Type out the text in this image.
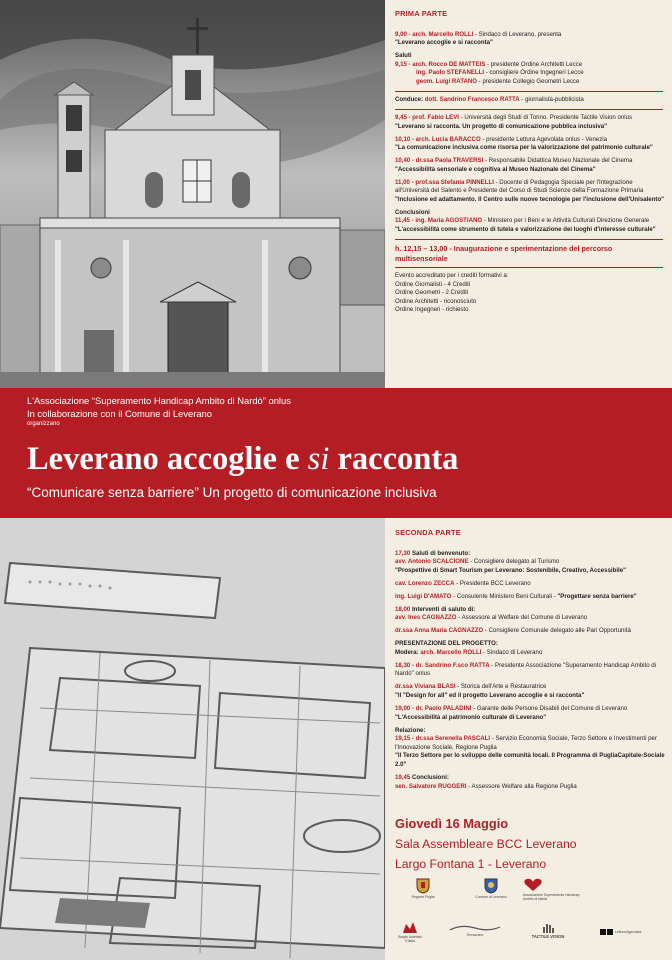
PRIMA PARTE

9,00 - arch. Marcello ROLLI - Sindaco di Leverano, presenta

"Leverano accoglie e si racconta"

Saluti

9,15 - arch. Rocco DE MATTEIS - presidente Ordine Architetti Lecce

ing. Paolo STEFANELLI - consigliere Ordine Ingegneri Lecce

geom. Luigi RATANO - presidente Collegio Geometri Lecce

Conduce: dott. Sandrino Francesco RATTA - giornalista-pubblicista

9,45 - prof. Fabio LEVI - Università degli Studi di Torino. Presidente Tactile Vision onlus

"Leverano si racconta. Un progetto di comunicazione pubblica inclusiva"

10,10 - arch. Lucia BARACCO - presidente Lettura Agevolata onlus - Venezia

"La comunicazione inclusiva come risorsa per la valorizzazione del patrimonio culturale"

10,40 - dr.ssa Paola TRAVERSI - Responsabile Didattica Museo Nazionale del Cinema

"Accessibilità sensoriale e cognitiva al Museo Nazionale del Cinema"

11,00 - prof.ssa Stefania PINNELLI - Docente di Pedagogia Speciale per l'Integrazione all'Università del Salento e Presidente del Corso di Studi Scienze della Formazione Primaria

"Inclusione ed adattamento. Il Centro sulle nuove tecnologie per l'inclusione dell'Unisalento"

Conclusioni

11,45 - ing. Maria AGOSTIANO - Ministero per i Beni e le Attività Culturali Direzione Generale

"L'accessibilità come strumento di tutela e valorizzazione dei luoghi d'interesse culturale"

h. 12,15 – 13,00 - Inaugurazione e sperimentazione del percorso multisensoriale

Evento accreditato per i crediti formativi a:

Ordine Giornalisti - 4 Crediti

Ordine Geometri - 2 Crediti

Ordine Architetti - riconosciuto

Ordine Ingegneri - richiesto

L'Associazione “Superamento Handicap Ambito di Nardò” onlus
In collaborazione con il Comune di Leverano
organizzano
Leverano accoglie e si racconta
“Comunicare senza barriere” Un progetto di comunicazione inclusiva
SECONDA PARTE

17,30 Saluti di benvenuto:

avv. Antonio SCALCIONE - Consigliere delegato al Turismo

"Prospettive di Smart Tourism per Leverano: Sostenibile, Creativo, Accessibile"

cav. Lorenzo ZECCA - Presidente BCC Leverano

ing. Luigi D'AMATO - Consulente Ministero Beni Culturali - "Progettare senza barriere"

18,00 Interventi di saluto di:

avv. Ines CAGNAZZO - Assessore al Welfare del Comune di Leverano

dr.ssa Anna Maria CAGNAZZO - Consigliere Comunale delegato alle Pari Opportunità

PRESENTAZIONE DEL PROGETTO:

Modera: arch. Marcello ROLLI - Sindaco di Leverano

18,30 - dr. Sandrino F.sco RATTA - Presidente Associazione "Superamento Handicap Ambito di Nardò" onlus

dr.ssa Viviana BLASI - Storica dell'Arte e Restauratrice

"Il "Design for all" ed il progetto Leverano accoglie e si racconta"

19,00 - dr. Paolo PALADINI - Garante delle Persone Disabili del Comune di Leverano

"L'Accessibilità al patrimonio culturale di Leverano"

Relazione:

19,15 - dr.ssa Serenella PASCALI - Servizio Economia Sociale, Terzo Settore e Investimenti per l'Innovazione Sociale, Regione Puglia

"Il Terzo Settore per lo sviluppo delle comunità locali. Il Programma di PugliaCapitale-Sociale 2.0"

19,45 Conclusioni:

sen. Salvatore RUGGERI - Assessore Welfare alla Regione Puglia

Giovedì 16 Maggio

Sala Assembleare BCC Leverano

Largo Fontana 1 - Leverano

Regione Puglia	Comune di Leverano	Associazione Superamento Handicap Ambito di Nardò
Borghi Autentici d'Italia
Terrazzano	TACTILE VISION
Lettura Agevolata
